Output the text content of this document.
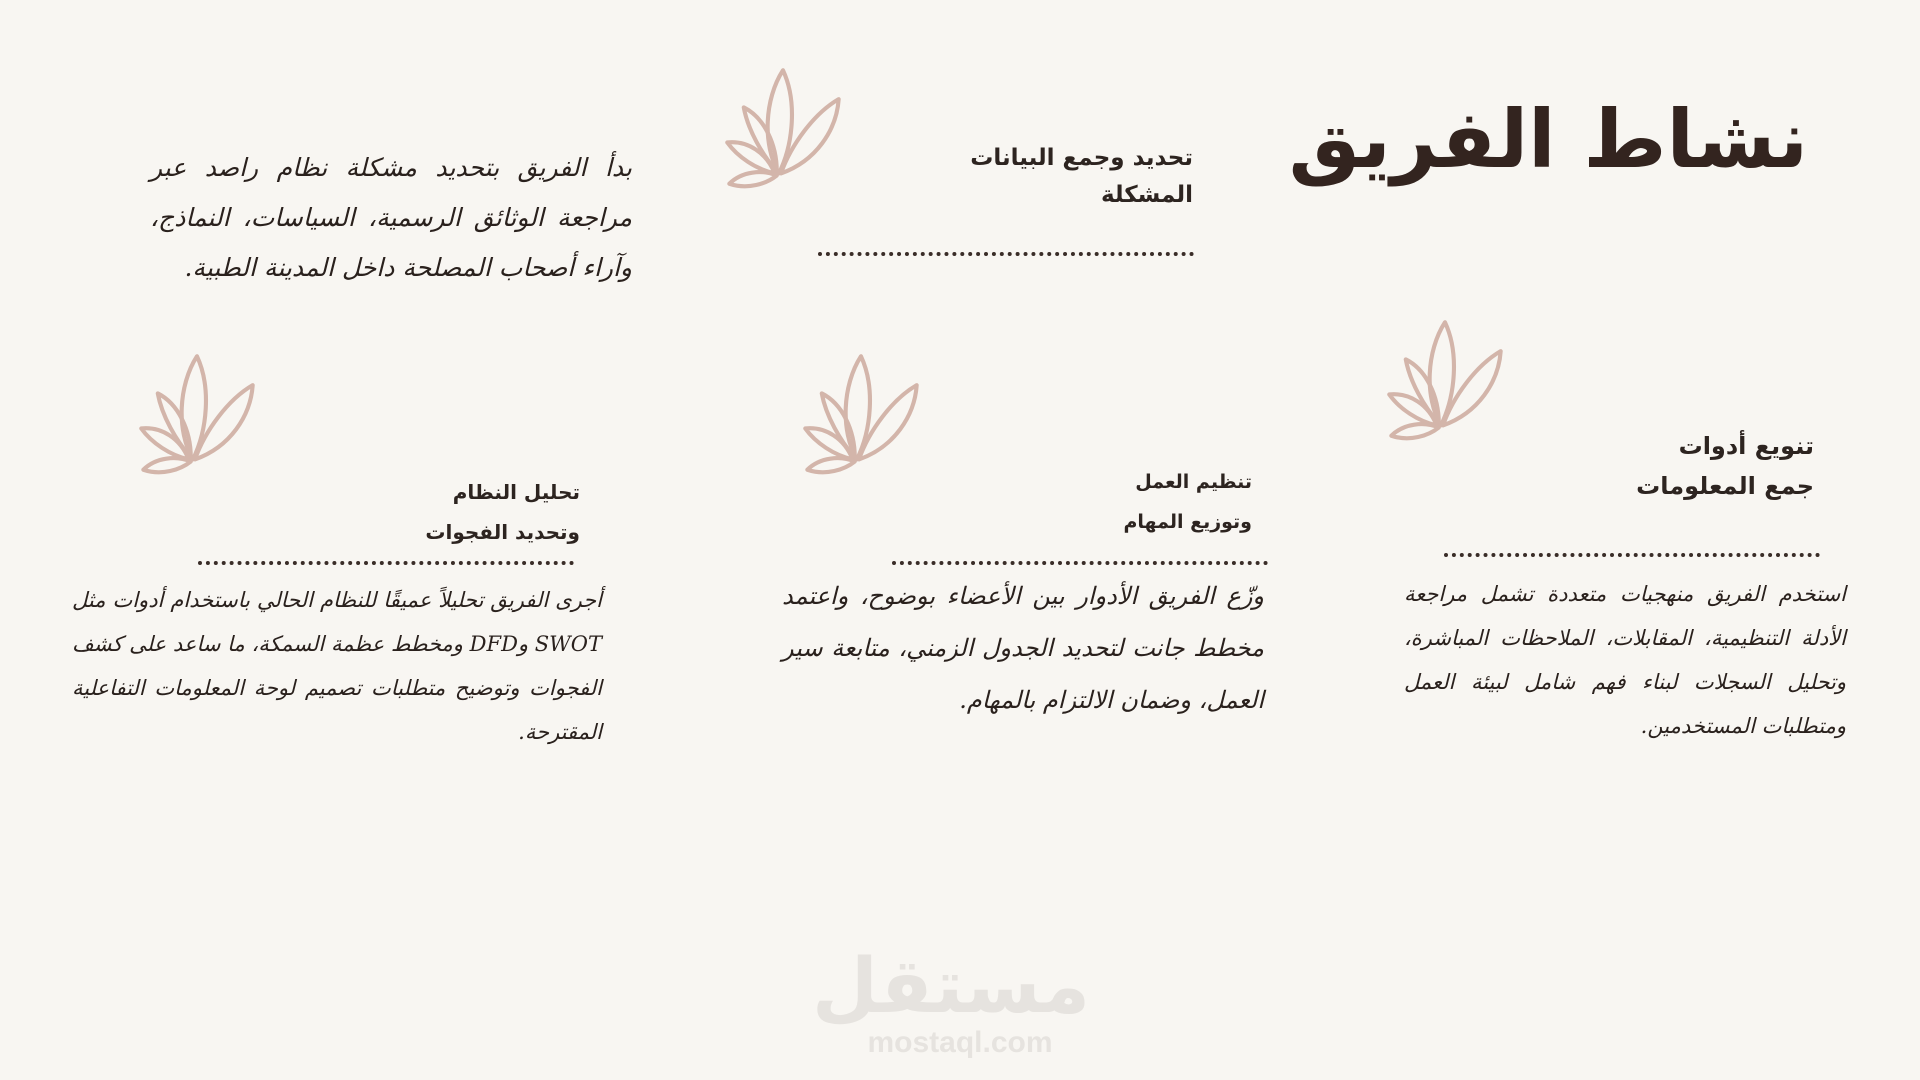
نشاط الفريق
تحديد وجمع البيانات
المشكلة
بدأ الفريق بتحديد مشكلة نظام راصد عبر مراجعة الوثائق الرسمية، السياسات، النماذج، وآراء أصحاب المصلحة داخل المدينة الطبية.
تنويع أدوات
جمع المعلومات
استخدم الفريق منهجيات متعددة تشمل مراجعة الأدلة التنظيمية، المقابلات، الملاحظات المباشرة، وتحليل السجلات لبناء فهم شامل لبيئة العمل ومتطلبات المستخدمين.
تنظيم العمل
وتوزيع المهام
وزّع الفريق الأدوار بين الأعضاء بوضوح، واعتمد مخطط جانت لتحديد الجدول الزمني، متابعة سير العمل، وضمان الالتزام بالمهام.
تحليل النظام
وتحديد الفجوات
أجرى الفريق تحليلاً عميقًا للنظام الحالي باستخدام أدوات مثل SWOT وDFD ومخطط عظمة السمكة، ما ساعد على كشف الفجوات وتوضيح متطلبات تصميم لوحة المعلومات التفاعلية المقترحة.
مستقل
mostaql.com
